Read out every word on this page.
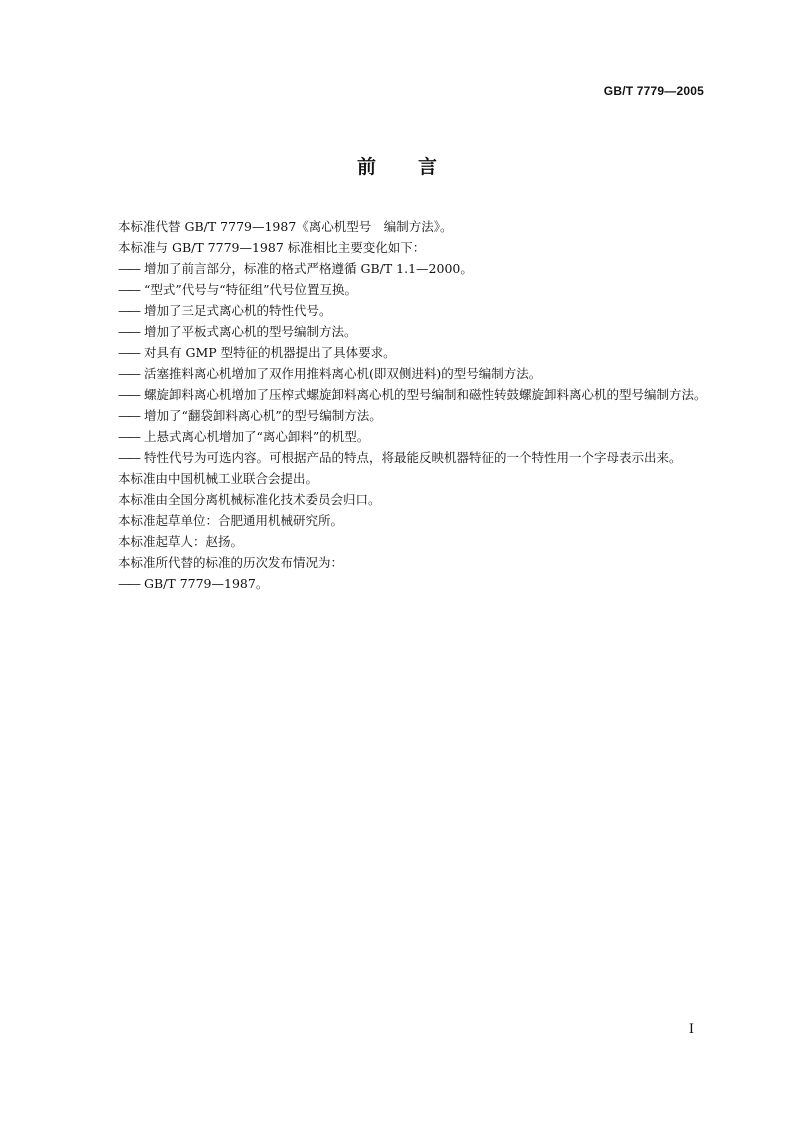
GB/T 7779—2005
前 言
本标准代替 GB/T 7779—1987《离心机型号　编制方法》。
本标准与 GB/T 7779—1987 标准相比主要变化如下：
—— 增加了前言部分，标准的格式严格遵循 GB/T 1.1—2000。
—— “型式”代号与“特征组”代号位置互换。
—— 增加了三足式离心机的特性代号。
—— 增加了平板式离心机的型号编制方法。
—— 对具有 GMP 型特征的机器提出了具体要求。
—— 活塞推料离心机增加了双作用推料离心机(即双侧进料)的型号编制方法。
—— 螺旋卸料离心机增加了压榨式螺旋卸料离心机的型号编制和磁性转鼓螺旋卸料离心机的型号编制方法。
—— 增加了“翻袋卸料离心机”的型号编制方法。
—— 上悬式离心机增加了“离心卸料”的机型。
—— 特性代号为可选内容。可根据产品的特点，将最能反映机器特征的一个特性用一个字母表示出来。
本标准由中国机械工业联合会提出。
本标准由全国分离机械标准化技术委员会归口。
本标准起草单位：合肥通用机械研究所。
本标准起草人：赵扬。
本标准所代替的标准的历次发布情况为：
—— GB/T 7779—1987。
I
